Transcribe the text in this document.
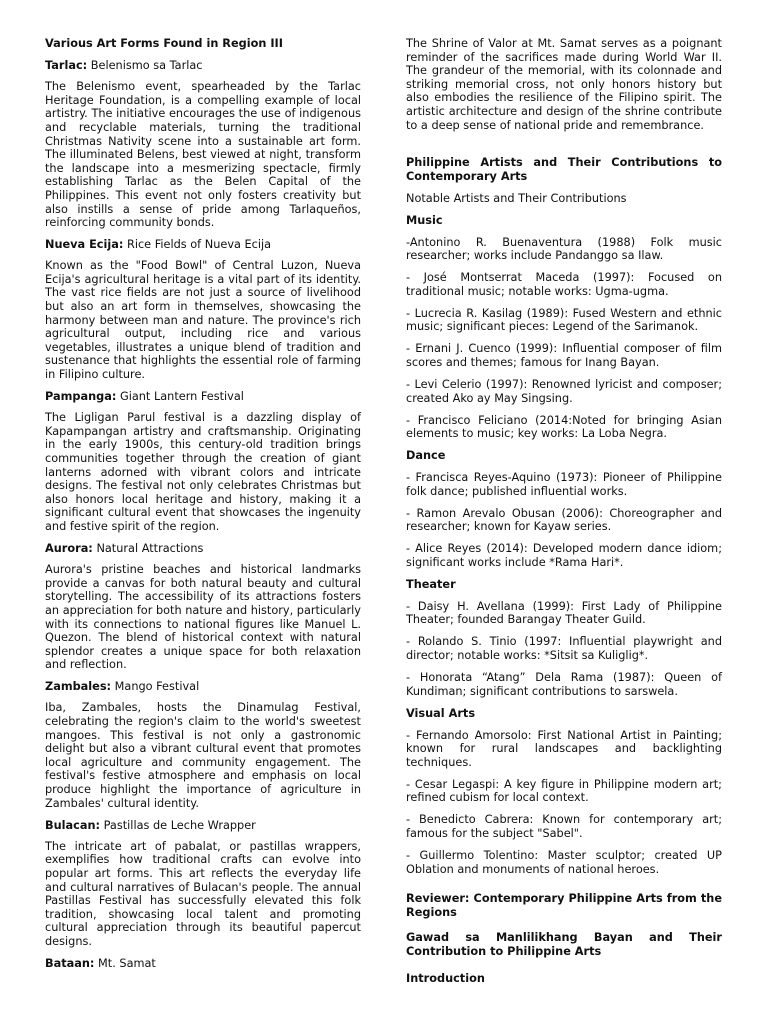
Various Art Forms Found in Region III

Tarlac: Belenismo sa Tarlac

The Belenismo event, spearheaded by the Tarlac Heritage Foundation, is a compelling example of local artistry. The initiative encourages the use of indigenous and recyclable materials, turning the traditional Christmas Nativity scene into a sustainable art form. The illuminated Belens, best viewed at night, transform the landscape into a mesmerizing spectacle, firmly establishing Tarlac as the Belen Capital of the Philippines. This event not only fosters creativity but also instills a sense of pride among Tarlaqueños, reinforcing community bonds.

Nueva Ecija: Rice Fields of Nueva Ecija

Known as the "Food Bowl" of Central Luzon, Nueva Ecija's agricultural heritage is a vital part of its identity. The vast rice fields are not just a source of livelihood but also an art form in themselves, showcasing the harmony between man and nature. The province's rich agricultural output, including rice and various vegetables, illustrates a unique blend of tradition and sustenance that highlights the essential role of farming in Filipino culture.

Pampanga: Giant Lantern Festival

The Ligligan Parul festival is a dazzling display of Kapampangan artistry and craftsmanship. Originating in the early 1900s, this century-old tradition brings communities together through the creation of giant lanterns adorned with vibrant colors and intricate designs. The festival not only celebrates Christmas but also honors local heritage and history, making it a significant cultural event that showcases the ingenuity and festive spirit of the region.

Aurora: Natural Attractions

Aurora's pristine beaches and historical landmarks provide a canvas for both natural beauty and cultural storytelling. The accessibility of its attractions fosters an appreciation for both nature and history, particularly with its connections to national figures like Manuel L. Quezon. The blend of historical context with natural splendor creates a unique space for both relaxation and reflection.

Zambales: Mango Festival

Iba, Zambales, hosts the Dinamulag Festival, celebrating the region's claim to the world's sweetest mangoes. This festival is not only a gastronomic delight but also a vibrant cultural event that promotes local agriculture and community engagement. The festival's festive atmosphere and emphasis on local produce highlight the importance of agriculture in Zambales' cultural identity.

Bulacan: Pastillas de Leche Wrapper

The intricate art of pabalat, or pastillas wrappers, exemplifies how traditional crafts can evolve into popular art forms. This art reflects the everyday life and cultural narratives of Bulacan's people. The annual Pastillas Festival has successfully elevated this folk tradition, showcasing local talent and promoting cultural appreciation through its beautiful papercut designs.

Bataan: Mt. Samat

The Shrine of Valor at Mt. Samat serves as a poignant reminder of the sacrifices made during World War II. The grandeur of the memorial, with its colonnade and striking memorial cross, not only honors history but also embodies the resilience of the Filipino spirit. The artistic architecture and design of the shrine contribute to a deep sense of national pride and remembrance.

Philippine Artists and Their Contributions to Contemporary Arts

Notable Artists and Their Contributions

Music

-Antonino R. Buenaventura (1988) Folk music researcher; works include Pandanggo sa Ilaw.

- José Montserrat Maceda (1997): Focused on traditional music; notable works: Ugma-ugma.

- Lucrecia R. Kasilag (1989): Fused Western and ethnic music; significant pieces: Legend of the Sarimanok.

- Ernani J. Cuenco (1999): Influential composer of film scores and themes; famous for Inang Bayan.

- Levi Celerio (1997): Renowned lyricist and composer; created Ako ay May Singsing.

- Francisco Feliciano (2014:Noted for bringing Asian elements to music; key works: La Loba Negra.

Dance

- Francisca Reyes-Aquino (1973): Pioneer of Philippine folk dance; published influential works.

- Ramon Arevalo Obusan (2006): Choreographer and researcher; known for Kayaw series.

- Alice Reyes (2014): Developed modern dance idiom; significant works include *Rama Hari*.

Theater

- Daisy H. Avellana (1999): First Lady of Philippine Theater; founded Barangay Theater Guild.

- Rolando S. Tinio (1997: Influential playwright and director; notable works: *Sitsit sa Kuliglig*.

- Honorata “Atang” Dela Rama (1987): Queen of Kundiman; significant contributions to sarswela.

Visual Arts

- Fernando Amorsolo: First National Artist in Painting; known for rural landscapes and backlighting techniques.

- Cesar Legaspi: A key figure in Philippine modern art; refined cubism for local context.

- Benedicto Cabrera: Known for contemporary art; famous for the subject "Sabel".

- Guillermo Tolentino: Master sculptor; created UP Oblation and monuments of national heroes.

Reviewer: Contemporary Philippine Arts from the Regions

Gawad sa Manlilikhang Bayan and Their Contribution to Philippine Arts

Introduction
